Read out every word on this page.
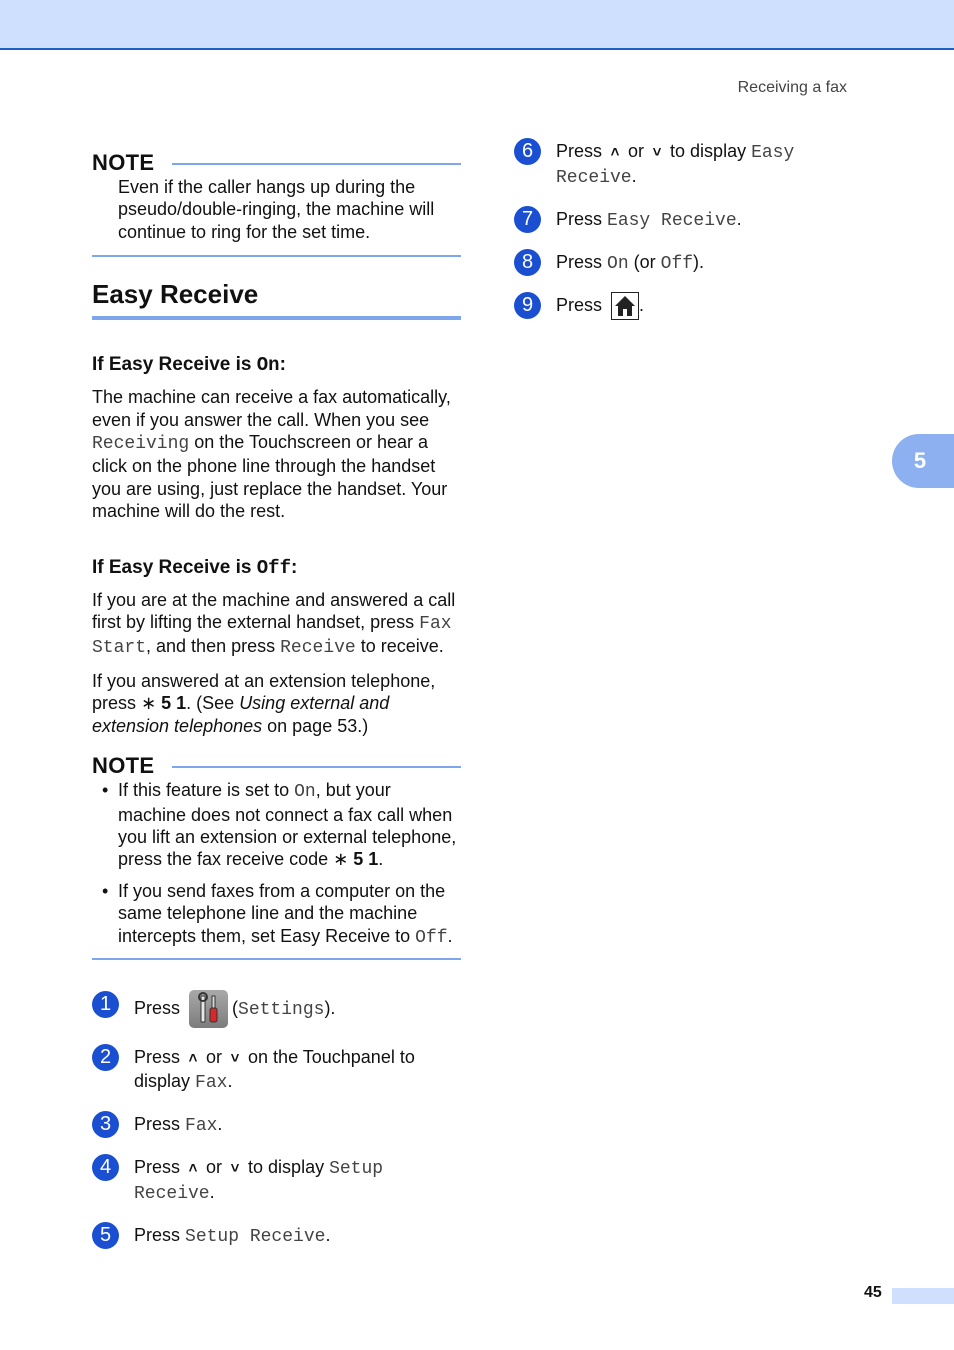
Receiving a fax
NOTE
Even if the caller hangs up during the pseudo/double-ringing, the machine will continue to ring for the set time.
Easy Receive
If Easy Receive is On:

The machine can receive a fax automatically, even if you answer the call. When you see Receiving on the Touchscreen or hear a click on the phone line through the handset you are using, just replace the handset. Your machine will do the rest.

If Easy Receive is Off:

If you are at the machine and answered a call first by lifting the external handset, press Fax Start, and then press Receive to receive.

If you answered at an extension telephone, press ∗ 5 1. (See Using external and extension telephones on page 53.)

NOTE
• If this feature is set to On, but your machine does not connect a fax call when you lift an extension or external telephone, press the fax receive code ∗ 5 1.
• If you send faxes from a computer on the same telephone line and the machine intercepts them, set Easy Receive to Off.
1	Press	(Settings).
2	Press ˄ or ˅ on the Touchpanel to display Fax.
3	Press Fax.
4	Press ˄ or ˅ to display Setup Receive.
5	Press Setup Receive.
6	Press ˄ or ˅ to display Easy Receive.
7	Press Easy Receive.
8	Press On (or Off).
9	Press .
5
45
